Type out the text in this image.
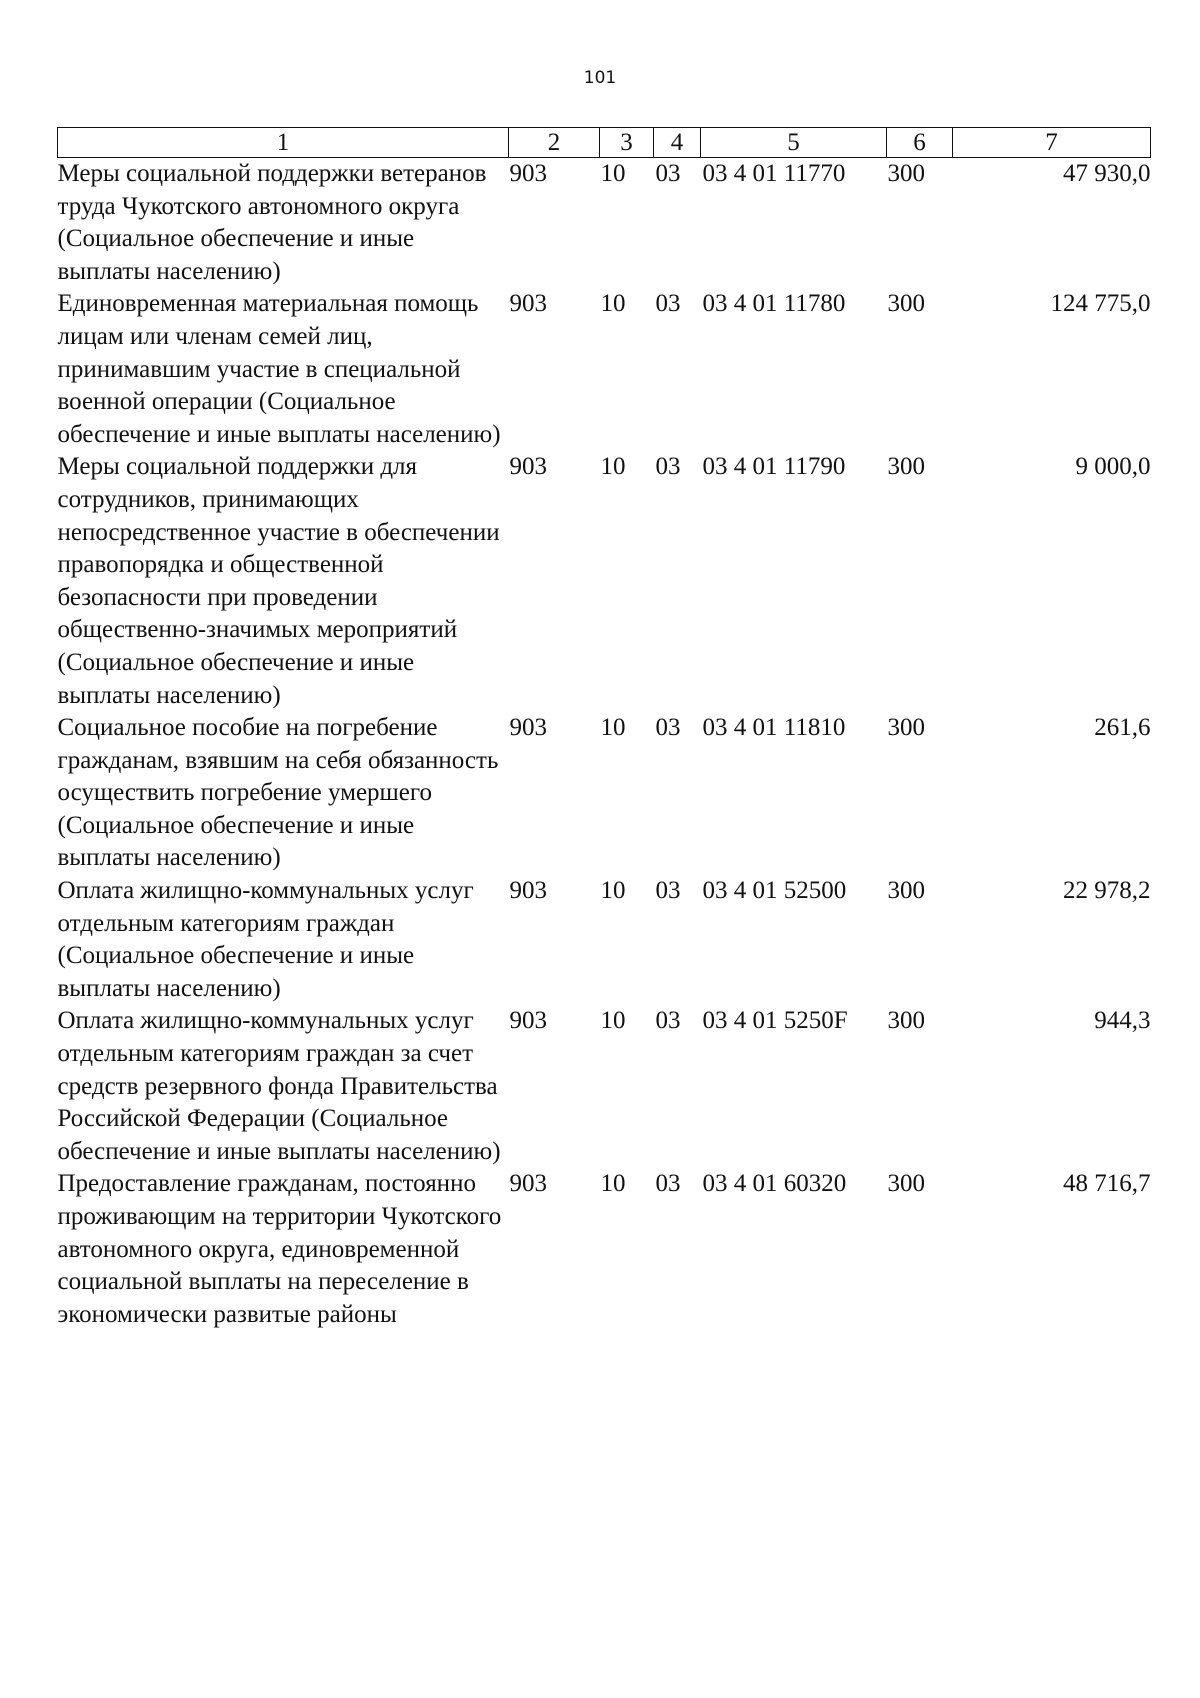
101
1	2	3	4	5	6	7
Меры социальной поддержки ветеранов труда Чукотского автономного округа (Социальное обеспечение и иные выплаты населению)	903	10	03	03 4 01 11770	300	47 930,0
Единовременная материальная помощь лицам или членам семей лиц, принимавшим участие в специальной военной операции (Социальное обеспечение и иные выплаты населению)	903	10	03	03 4 01 11780	300	124 775,0
Меры социальной поддержки для сотрудников, принимающих непосредственное участие в обеспечении правопорядка и общественной безопасности при проведении общественно-значимых мероприятий (Социальное обеспечение и иные выплаты населению)	903	10	03	03 4 01 11790	300	9 000,0
Социальное пособие на погребение гражданам, взявшим на себя обязанность осуществить погребение умершего (Социальное обеспечение и иные выплаты населению)	903	10	03	03 4 01 11810	300	261,6
Оплата жилищно-коммунальных услуг отдельным категориям граждан (Социальное обеспечение и иные выплаты населению)	903	10	03	03 4 01 52500	300	22 978,2
Оплата жилищно-коммунальных услуг отдельным категориям граждан за счет средств резервного фонда Правительства Российской Федерации (Социальное обеспечение и иные выплаты населению)	903	10	03	03 4 01 5250F	300	944,3
Предоставление гражданам, постоянно проживающим на территории Чукотского автономного округа, единовременной социальной выплаты на переселение в экономически развитые районы	903	10	03	03 4 01 60320	300	48 716,7
